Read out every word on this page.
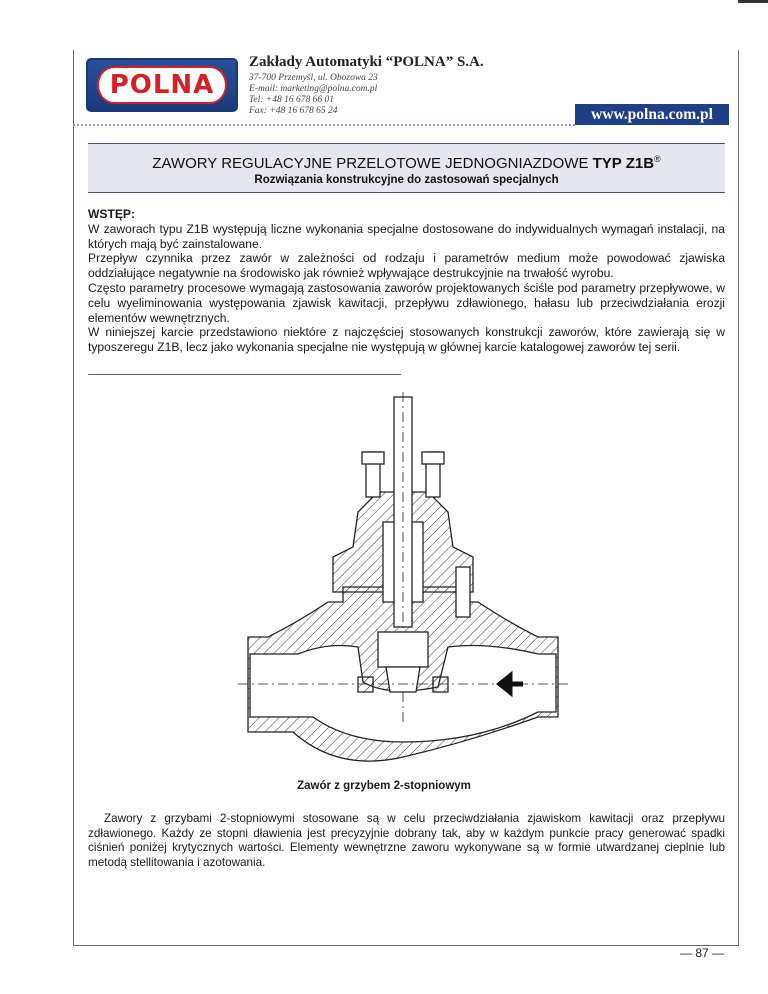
POLNA
Zakłady Automatyki “POLNA” S.A.
37-700 Przemyśl, ul. Obozowa 23
E-mail: marketing@polna.com.pl
Tel: +48 16 678 66 01
Fax: +48 16 678 65 24	www.polna.com.pl
ZAWORY REGULACYJNE PRZELOTOWE JEDNOGNIAZDOWE TYP Z1B®
Rozwiązania konstrukcyjne do zastosowań specjalnych

WSTĘP:

W zaworach typu Z1B występują liczne wykonania specjalne dostosowane do indywidualnych wymagań instalacji, na których mają być zainstalowane.

Przepływ czynnika przez zawór w zależności od rodzaju i parametrów medium może powodować zjawiska oddziałujące negatywnie na środowisko jak również wpływające destrukcyjnie na trwałość wyrobu.

Często parametry procesowe wymagają zastosowania zaworów projektowanych ściśle pod parametry przepływowe, w celu wyeliminowania występowania zjawisk kawitacji, przepływu zdławionego, hałasu lub przeciwdziałania erozji elementów wewnętrznych.

W niniejszej karcie przedstawiono niektóre z najczęściej stosowanych konstrukcji zaworów, które zawierają się w typoszeregu Z1B, lecz jako wykonania specjalne nie występują w głównej karcie katalogowej zaworów tej serii.

Zawór z grzybem 2-stopniowym

Zawory z grzybami 2-stopniowymi stosowane są w celu przeciwdziałania zjawiskom kawitacji oraz przepływu zdławionego. Każdy ze stopni dławienia jest precyzyjnie dobrany tak, aby w każdym punkcie pracy generować spadki ciśnień poniżej krytycznych wartości. Elementy wewnętrzne zaworu wykonywane są w formie utwardzanej cieplnie lub metodą stellitowania i azotowania.

— 87 —
